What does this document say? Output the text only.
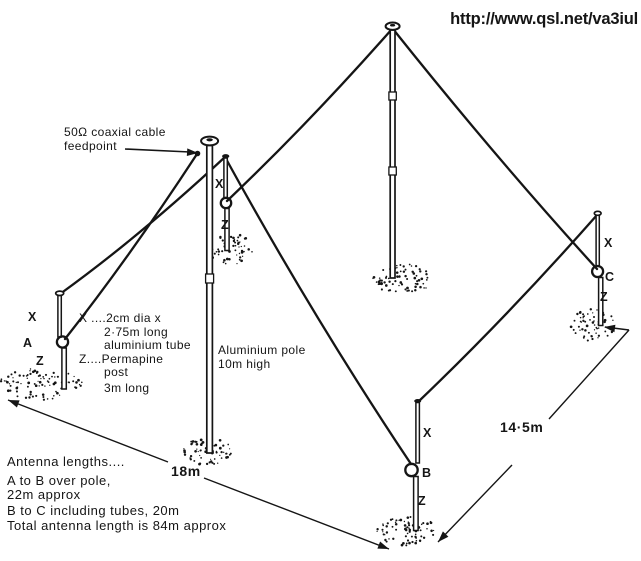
http://www.qsl.net/va3iul
50Ω coaxial cable
feedpoint
X ....2cm dia x
2·75m long
aluminium tube
Z....Permapine
post
3m long
Aluminium pole
10m high
Antenna lengths....
A to B over pole,
22m approx
B to C including tubes, 20m
Total antenna length is 84m approx
18m
14·5m
X
Z
X
A
Z
X
B
Z
X
C
Z
